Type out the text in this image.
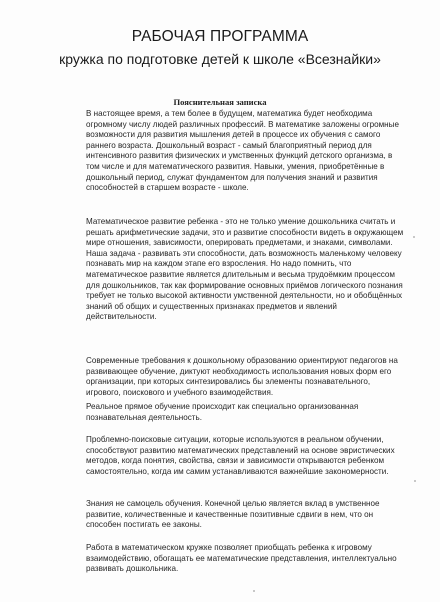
РАБОЧАЯ ПРОГРАММА
кружка по подготовке детей к школе «Всезнайки»
Пояснительная записка

В настоящее время, а тем более в будущем, математика будет необходима огромному числу людей различных профессий. В математике заложены огромные возможности для развития мышления детей в процессе их обучения с самого раннего возраста. Дошкольный возраст - самый благоприятный период для интенсивного развития физических и умственных функций детского организма, в том числе и для математического развития. Навыки, умения, приобретённые в дошкольный период, служат фундаментом для получения знаний и развития способностей в старшем возрасте - школе.

Математическое развитие ребенка - это не только умение дошкольника считать и решать арифметические задачи, это и развитие способности видеть в окружающем мире отношения, зависимости, оперировать предметами, и знаками, символами. Наша задача - развивать эти способности, дать возможность маленькому человеку познавать мир на каждом этапе его взросления. Но надо помнить, что математическое развитие является длительным и весьма трудоёмким процессом для дошкольников, так как формирование основных приёмов логического познания требует не только высокой активности умственной деятельности, но и обобщённых знаний об общих и существенных признаках предметов и явлений действительности.

Современные требования к дошкольному образованию ориентируют педагогов на развивающее обучение, диктуют необходимость использования новых форм его организации, при которых синтезировались бы элементы познавательного, игрового, поискового и учебного взаимодействия.

Реальное прямое обучение происходит как специально организованная познавательная деятельность.

Проблемно-поисковые ситуации, которые используются в реальном обучении, способствуют развитию математических представлений на основе эвристических методов, когда понятия, свойства, связи и зависимости открываются ребенком самостоятельно, когда им самим устанавливаются важнейшие закономерности.

Знания не самоцель обучения. Конечной целью является вклад в умственное развитие, количественные и качественные позитивные сдвиги в нем, что он способен постигать ее законы.

Работа в математическом кружке позволяет приобщать ребенка к игровому взаимодействию, обогащать ее математические представления, интеллектуально развивать дошкольника.
